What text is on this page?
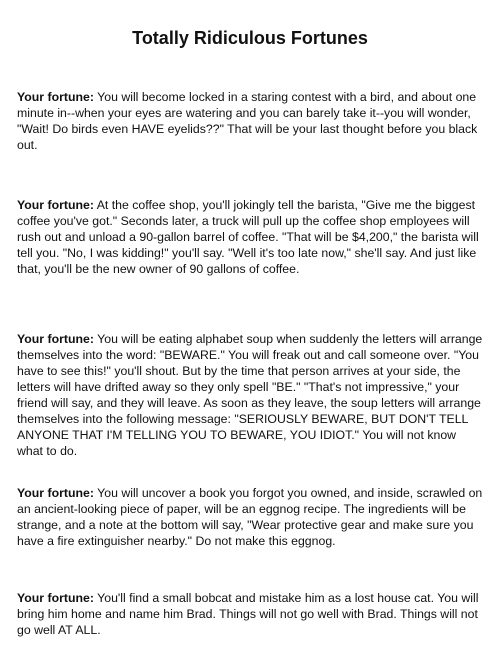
Totally Ridiculous Fortunes

Your fortune: You will become locked in a staring contest with a bird, and about one minute in--when your eyes are watering and you can barely take it--you will wonder, "Wait! Do birds even HAVE eyelids??" That will be your last thought before you black out.

Your fortune: At the coffee shop, you'll jokingly tell the barista, "Give me the biggest coffee you've got." Seconds later, a truck will pull up the coffee shop employees will rush out and unload a 90-gallon barrel of coffee. "That will be $4,200," the barista will tell you. "No, I was kidding!" you'll say. "Well it's too late now," she'll say. And just like that, you'll be the new owner of 90 gallons of coffee.

Your fortune: You will be eating alphabet soup when suddenly the letters will arrange themselves into the word: "BEWARE." You will freak out and call someone over. "You have to see this!" you'll shout. But by the time that person arrives at your side, the letters will have drifted away so they only spell "BE." "That's not impressive," your friend will say, and they will leave. As soon as they leave, the soup letters will arrange themselves into the following message: "SERIOUSLY BEWARE, BUT DON'T TELL ANYONE THAT I'M TELLING YOU TO BEWARE, YOU IDIOT." You will not know what to do.

Your fortune: You will uncover a book you forgot you owned, and inside, scrawled on an ancient-looking piece of paper, will be an eggnog recipe. The ingredients will be strange, and a note at the bottom will say, "Wear protective gear and make sure you have a fire extinguisher nearby." Do not make this eggnog.

Your fortune: You'll find a small bobcat and mistake him as a lost house cat. You will bring him home and name him Brad. Things will not go well with Brad. Things will not go well AT ALL.
